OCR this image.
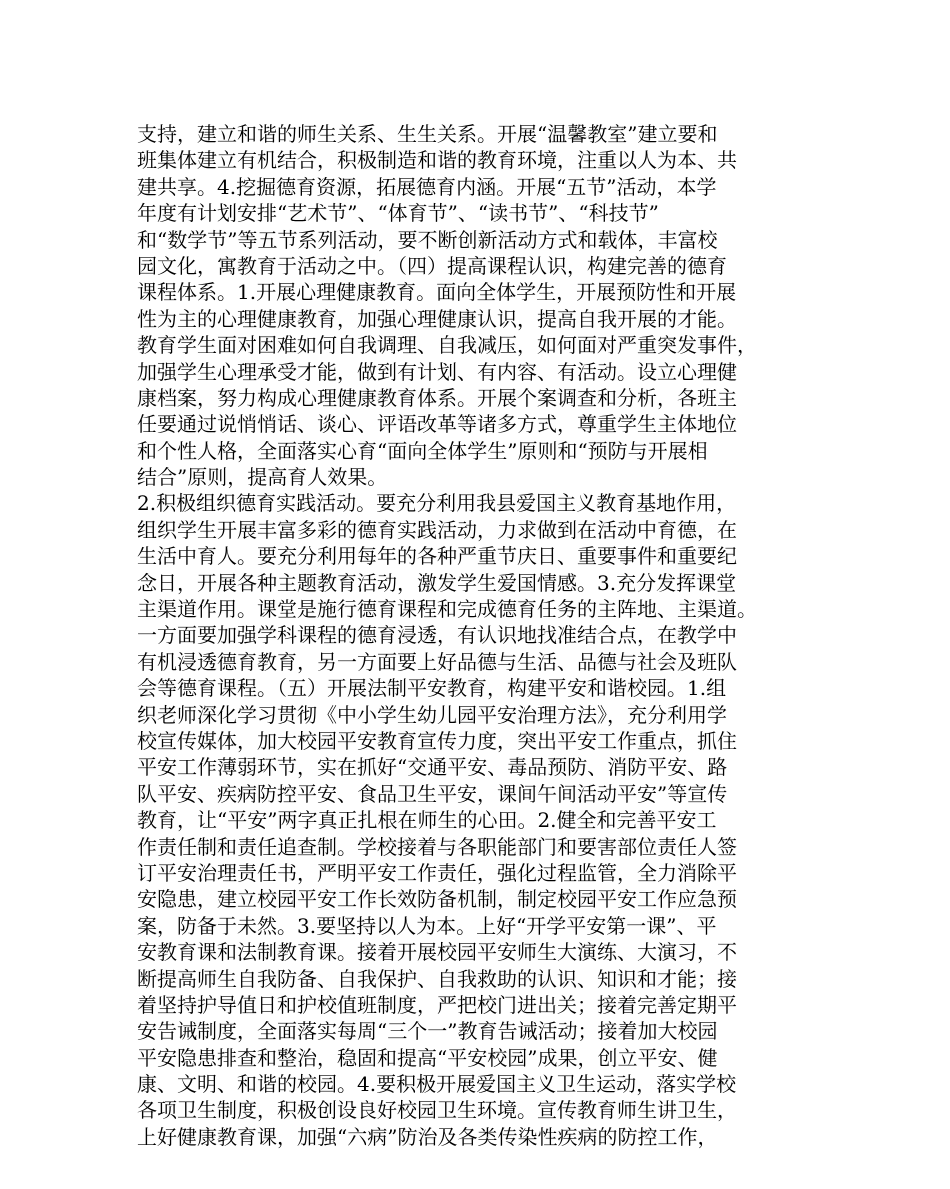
支持，建立和谐的师生关系、生生关系。开展“温馨教室”建立要和
班集体建立有机结合，积极制造和谐的教育环境，注重以人为本、共
建共享。4.挖掘德育资源，拓展德育内涵。开展“五节”活动，本学
年度有计划安排“艺术节”、“体育节”、“读书节”、“科技节”
和“数学节”等五节系列活动，要不断创新活动方式和载体，丰富校
园文化，寓教育于活动之中。（四）提高课程认识，构建完善的德育
课程体系。1.开展心理健康教育。面向全体学生，开展预防性和开展
性为主的心理健康教育，加强心理健康认识，提高自我开展的才能。
教育学生面对困难如何自我调理、自我减压，如何面对严重突发事件，
加强学生心理承受才能，做到有计划、有内容、有活动。设立心理健
康档案，努力构成心理健康教育体系。开展个案调查和分析，各班主
任要通过说悄悄话、谈心、评语改革等诸多方式，尊重学生主体地位
和个性人格，全面落实心育“面向全体学生”原则和“预防与开展相
结合”原则，提高育人效果。
2.积极组织德育实践活动。要充分利用我县爱国主义教育基地作用，
组织学生开展丰富多彩的德育实践活动，力求做到在活动中育德，在
生活中育人。要充分利用每年的各种严重节庆日、重要事件和重要纪
念日，开展各种主题教育活动，激发学生爱国情感。3.充分发挥课堂
主渠道作用。课堂是施行德育课程和完成德育任务的主阵地、主渠道。
一方面要加强学科课程的德育浸透，有认识地找准结合点，在教学中
有机浸透德育教育，另一方面要上好品德与生活、品德与社会及班队
会等德育课程。（五）开展法制平安教育，构建平安和谐校园。1.组
织老师深化学习贯彻《中小学生幼儿园平安治理方法》，充分利用学
校宣传媒体，加大校园平安教育宣传力度，突出平安工作重点，抓住
平安工作薄弱环节，实在抓好“交通平安、毒品预防、消防平安、路
队平安、疾病防控平安、食品卫生平安，课间午间活动平安”等宣传
教育，让“平安”两字真正扎根在师生的心田。2.健全和完善平安工
作责任制和责任追查制。学校接着与各职能部门和要害部位责任人签
订平安治理责任书，严明平安工作责任，强化过程监管，全力消除平
安隐患，建立校园平安工作长效防备机制，制定校园平安工作应急预
案，防备于未然。3.要坚持以人为本。上好“开学平安第一课”、平
安教育课和法制教育课。接着开展校园平安师生大演练、大演习，不
断提高师生自我防备、自我保护、自我救助的认识、知识和才能；接
着坚持护导值日和护校值班制度，严把校门进出关；接着完善定期平
安告诫制度，全面落实每周“三个一”教育告诫活动；接着加大校园
平安隐患排查和整治，稳固和提高“平安校园”成果，创立平安、健
康、文明、和谐的校园。4.要积极开展爱国主义卫生运动，落实学校
各项卫生制度，积极创设良好校园卫生环境。宣传教育师生讲卫生，
上好健康教育课，加强“六病”防治及各类传染性疾病的防控工作，
